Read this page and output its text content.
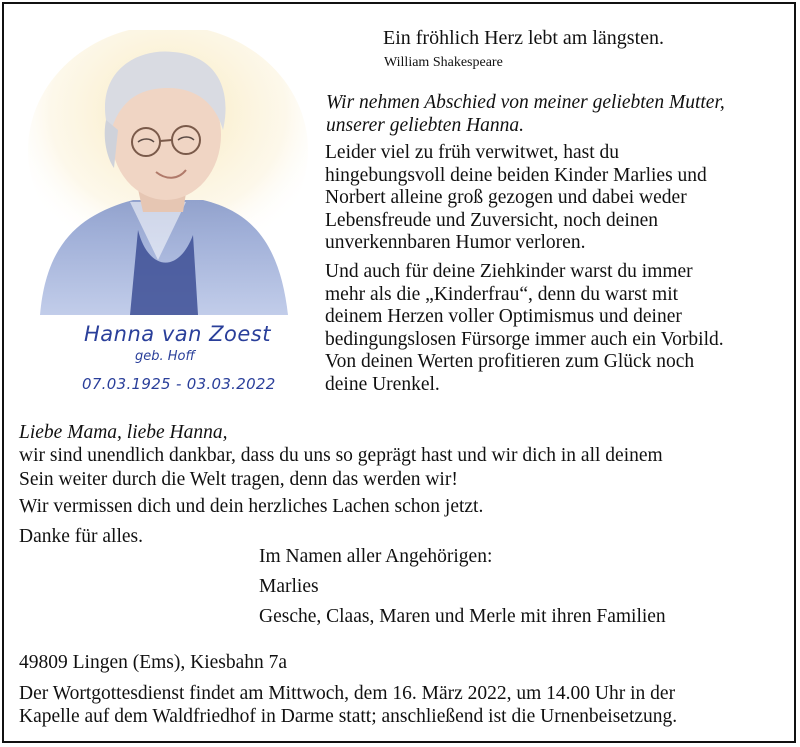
Ein fröhlich Herz lebt am längsten.
William Shakespeare
Wir nehmen Abschied von meiner geliebten Mutter,
unserer geliebten Hanna.
Leider viel zu früh verwitwet, hast du
hingebungsvoll deine beiden Kinder Marlies und
Norbert alleine groß gezogen und dabei weder
Lebensfreude und Zuversicht, noch deinen
unverkennbaren Humor verloren.
Und auch für deine Ziehkinder warst du immer
mehr als die „Kinderfrau“, denn du warst mit
deinem Herzen voller Optimismus und deiner
bedingungslosen Fürsorge immer auch ein Vorbild.
Von deinen Werten profitieren zum Glück noch
deine Urenkel.
Hanna van Zoest
geb. Hoff
07.03.1925 - 03.03.2022
Liebe Mama, liebe Hanna,
wir sind unendlich dankbar, dass du uns so geprägt hast und wir dich in all deinem
Sein weiter durch die Welt tragen, denn das werden wir!
Wir vermissen dich und dein herzliches Lachen schon jetzt.
Danke für alles.
Im Namen aller Angehörigen:
Marlies
Gesche, Claas, Maren und Merle mit ihren Familien
49809 Lingen (Ems), Kiesbahn 7a
Der Wortgottesdienst findet am Mittwoch, dem 16. März 2022, um 14.00 Uhr in der
Kapelle auf dem Waldfriedhof in Darme statt; anschließend ist die Urnenbeisetzung.
